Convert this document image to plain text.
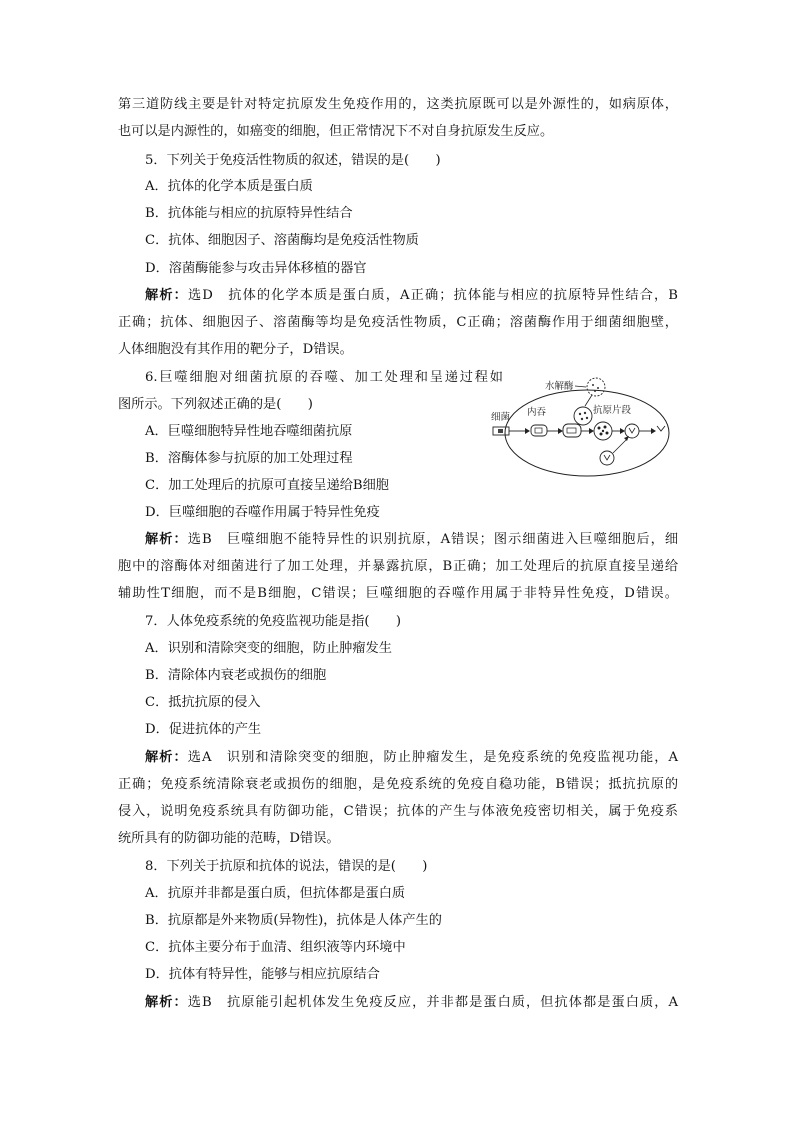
第三道防线主要是针对特定抗原发生免疫作用的，这类抗原既可以是外源性的，如病原体，
也可以是内源性的，如癌变的细胞，但正常情况下不对自身抗原发生反应。
5．下列关于免疫活性物质的叙述，错误的是(　　)
A．抗体的化学本质是蛋白质
B．抗体能与相应的抗原特异性结合
C．抗体、细胞因子、溶菌酶均是免疫活性物质
D．溶菌酶能参与攻击异体移植的器官
解析：选D　抗体的化学本质是蛋白质，A正确；抗体能与相应的抗原特异性结合，B
正确；抗体、细胞因子、溶菌酶等均是免疫活性物质，C正确；溶菌酶作用于细菌细胞壁，
人体细胞没有其作用的靶分子，D错误。
6.巨噬细胞对细菌抗原的吞噬、加工处理和呈递过程如
图所示。下列叙述正确的是(　　)
A．巨噬细胞特异性地吞噬细菌抗原
B．溶酶体参与抗原的加工处理过程
C．加工处理后的抗原可直接呈递给B细胞
D．巨噬细胞的吞噬作用属于特异性免疫
水解酶
细菌 内吞	抗原片段
解析：选B　巨噬细胞不能特异性的识别抗原，A错误；图示细菌进入巨噬细胞后，细
胞中的溶酶体对细菌进行了加工处理，并暴露抗原，B正确；加工处理后的抗原直接呈递给
辅助性T细胞，而不是B细胞，C错误；巨噬细胞的吞噬作用属于非特异性免疫，D错误。
7．人体免疫系统的免疫监视功能是指(　　)
A．识别和清除突变的细胞，防止肿瘤发生
B．清除体内衰老或损伤的细胞
C．抵抗抗原的侵入
D．促进抗体的产生
解析：选A　识别和清除突变的细胞，防止肿瘤发生，是免疫系统的免疫监视功能，A
正确；免疫系统清除衰老或损伤的细胞，是免疫系统的免疫自稳功能，B错误；抵抗抗原的
侵入，说明免疫系统具有防御功能，C错误；抗体的产生与体液免疫密切相关，属于免疫系
统所具有的防御功能的范畴，D错误。
8．下列关于抗原和抗体的说法，错误的是(　　)
A．抗原并非都是蛋白质，但抗体都是蛋白质
B．抗原都是外来物质(异物性)，抗体是人体产生的
C．抗体主要分布于血清、组织液等内环境中
D．抗体有特异性，能够与相应抗原结合
解析：选B　抗原能引起机体发生免疫反应，并非都是蛋白质，但抗体都是蛋白质，A
